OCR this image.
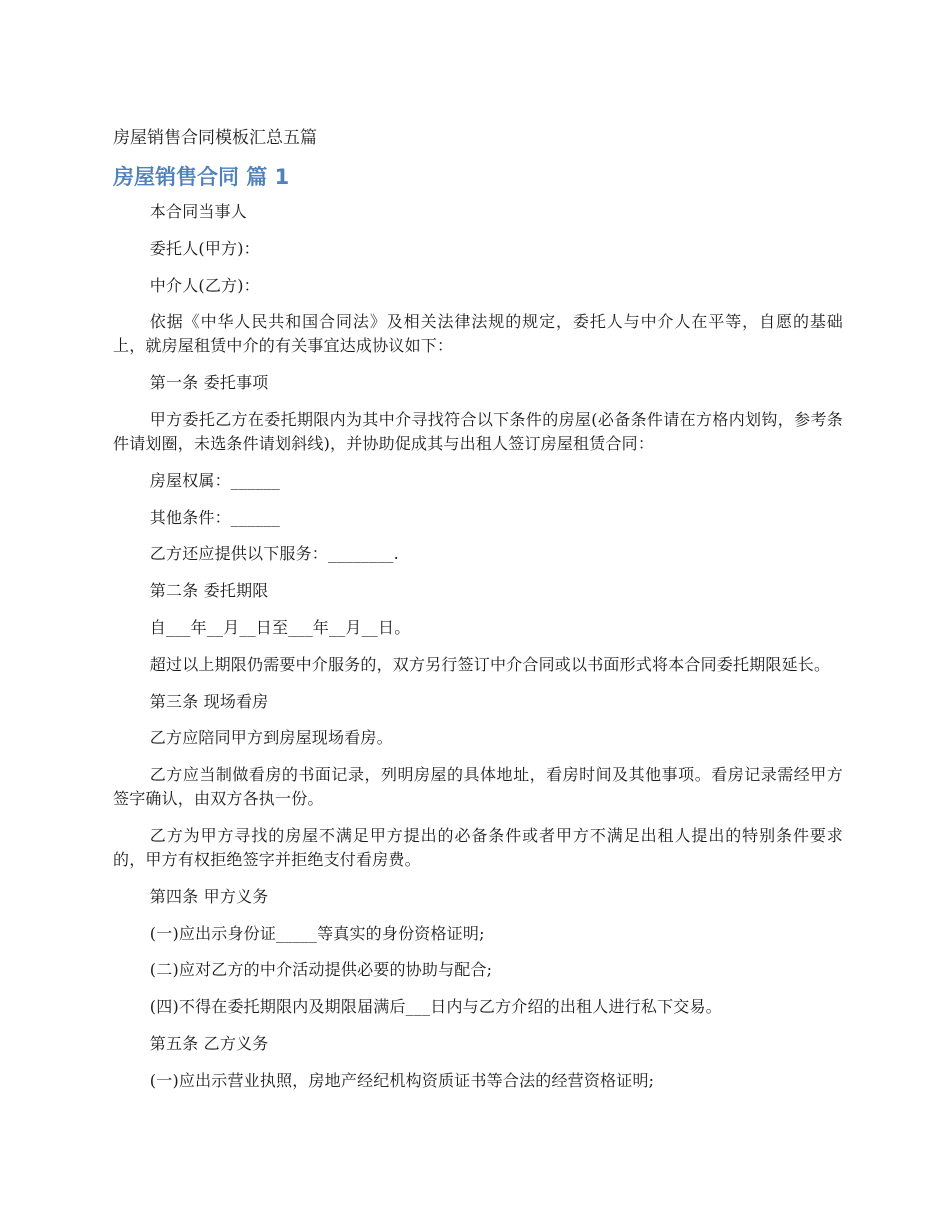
房屋销售合同模板汇总五篇
房屋销售合同 篇 1

本合同当事人

委托人(甲方)：

中介人(乙方)：

依据《中华人民共和国合同法》及相关法律法规的规定，委托人与中介人在平等，自愿的基础上，就房屋租赁中介的有关事宜达成协议如下：

第一条 委托事项

甲方委托乙方在委托期限内为其中介寻找符合以下条件的房屋(必备条件请在方格内划钩，参考条件请划圈，未选条件请划斜线)，并协助促成其与出租人签订房屋租赁合同：

房屋权属：______

其他条件：______

乙方还应提供以下服务：________.

第二条 委托期限

自___年__月__日至___年__月__日。

超过以上期限仍需要中介服务的，双方另行签订中介合同或以书面形式将本合同委托期限延长。

第三条 现场看房

乙方应陪同甲方到房屋现场看房。

乙方应当制做看房的书面记录，列明房屋的具体地址，看房时间及其他事项。看房记录需经甲方签字确认，由双方各执一份。

乙方为甲方寻找的房屋不满足甲方提出的必备条件或者甲方不满足出租人提出的特别条件要求的，甲方有权拒绝签字并拒绝支付看房费。

第四条 甲方义务

(一)应出示身份证_____等真实的身份资格证明;

(二)应对乙方的中介活动提供必要的协助与配合;

(四)不得在委托期限内及期限届满后___日内与乙方介绍的出租人进行私下交易。

第五条 乙方义务

(一)应出示营业执照，房地产经纪机构资质证书等合法的经营资格证明;
